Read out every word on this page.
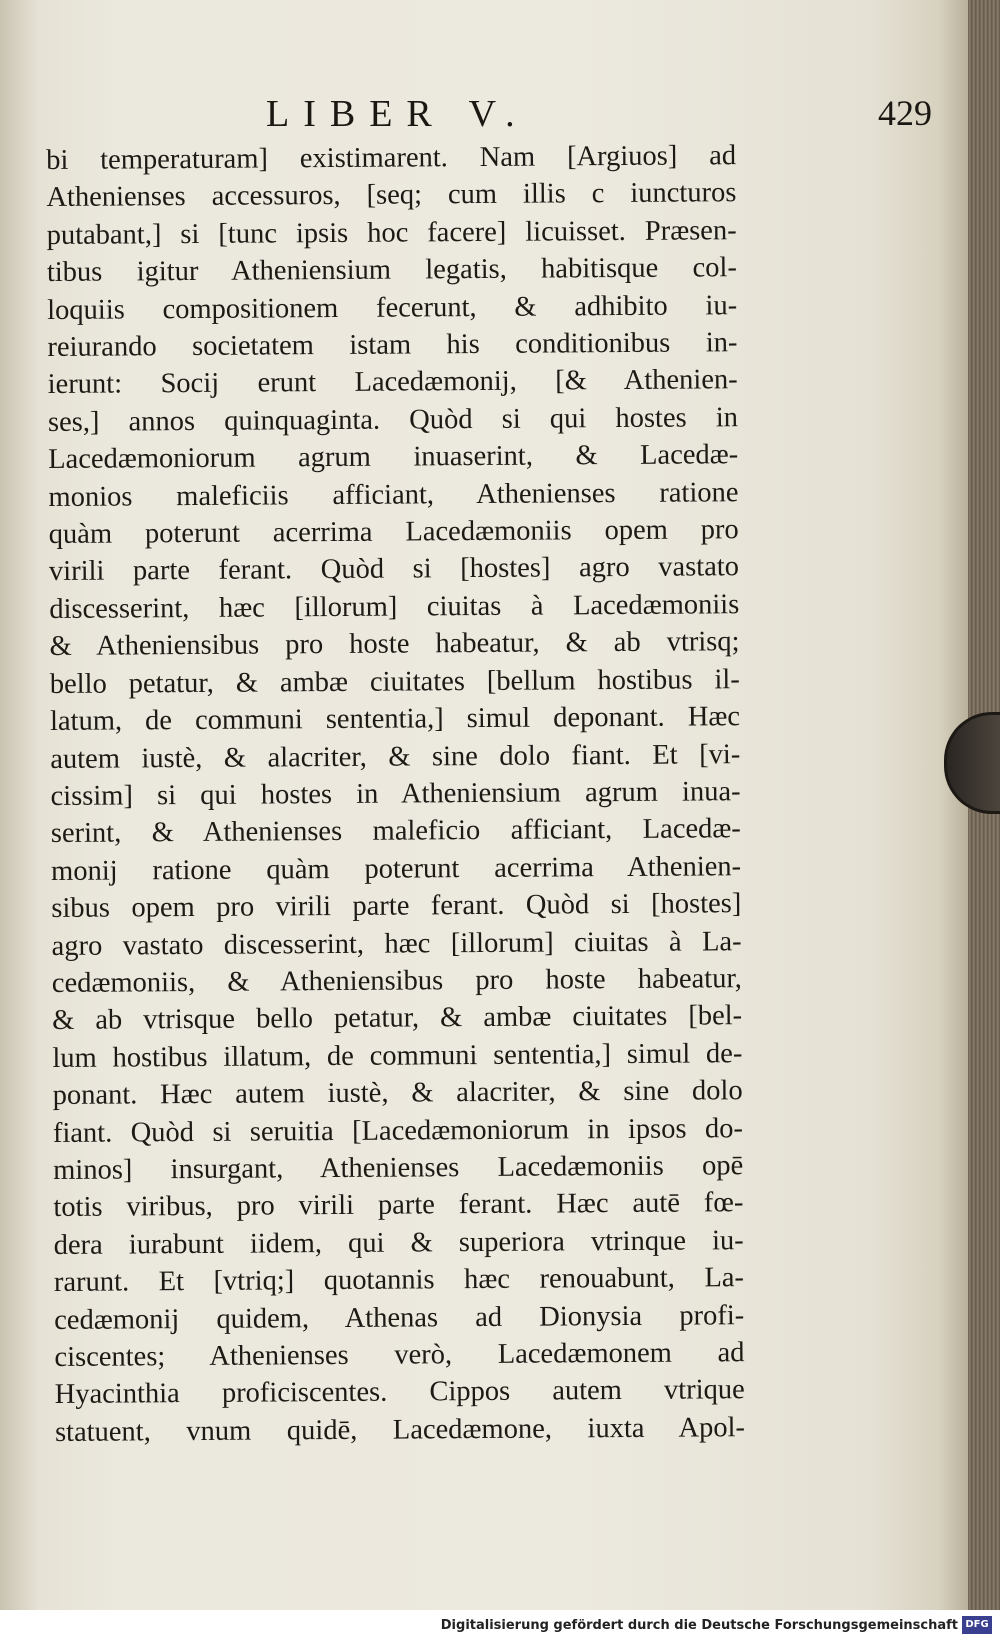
LIBER V.	429
bi temperaturam] existimarent. Nam [Argiuos] ad
Athenienses accessuros, [seq; cum illis c iuncturos
putabant,] si [tunc ipsis hoc facere] licuisset. Præsen-
tibus igitur Atheniensium legatis, habitisque col-
loquiis compositionem fecerunt, & adhibito iu-
reiurando societatem istam his conditionibus in-
ierunt: Socij erunt Lacedæmonij, [& Athenien-
ses,] annos quinquaginta. Quòd si qui hostes in
Lacedæmoniorum agrum inuaserint, & Lacedæ-
monios maleficiis afficiant, Athenienses ratione
quàm poterunt acerrima Lacedæmoniis opem pro
virili parte ferant. Quòd si [hostes] agro vastato
discesserint, hæc [illorum] ciuitas à Lacedæmoniis
& Atheniensibus pro hoste habeatur, & ab vtrisq;
bello petatur, & ambæ ciuitates [bellum hostibus il-
latum, de communi sententia,] simul deponant. Hæc
autem iustè, & alacriter, & sine dolo fiant. Et [vi-
cissim] si qui hostes in Atheniensium agrum inua-
serint, & Athenienses maleficio afficiant, Lacedæ-
monij ratione quàm poterunt acerrima Athenien-
sibus opem pro virili parte ferant. Quòd si [hostes]
agro vastato discesserint, hæc [illorum] ciuitas à La-
cedæmoniis, & Atheniensibus pro hoste habeatur,
& ab vtrisque bello petatur, & ambæ ciuitates [bel-
lum hostibus illatum, de communi sententia,] simul de-
ponant. Hæc autem iustè, & alacriter, & sine dolo
fiant. Quòd si seruitia [Lacedæmoniorum in ipsos do-
minos] insurgant, Athenienses Lacedæmoniis opē
totis viribus, pro virili parte ferant. Hæc autē fœ-
dera iurabunt iidem, qui & superiora vtrinque iu-
rarunt. Et [vtriq;] quotannis hæc renouabunt, La-
cedæmonij quidem, Athenas ad Dionysia profi-
ciscentes; Athenienses verò, Lacedæmonem ad
Hyacinthia proficiscentes. Cippos autem vtrique
statuent, vnum quidē, Lacedæmone, iuxta Apol-
Digitalisierung gefördert durch die Deutsche Forschungsgemeinschaft DFG
